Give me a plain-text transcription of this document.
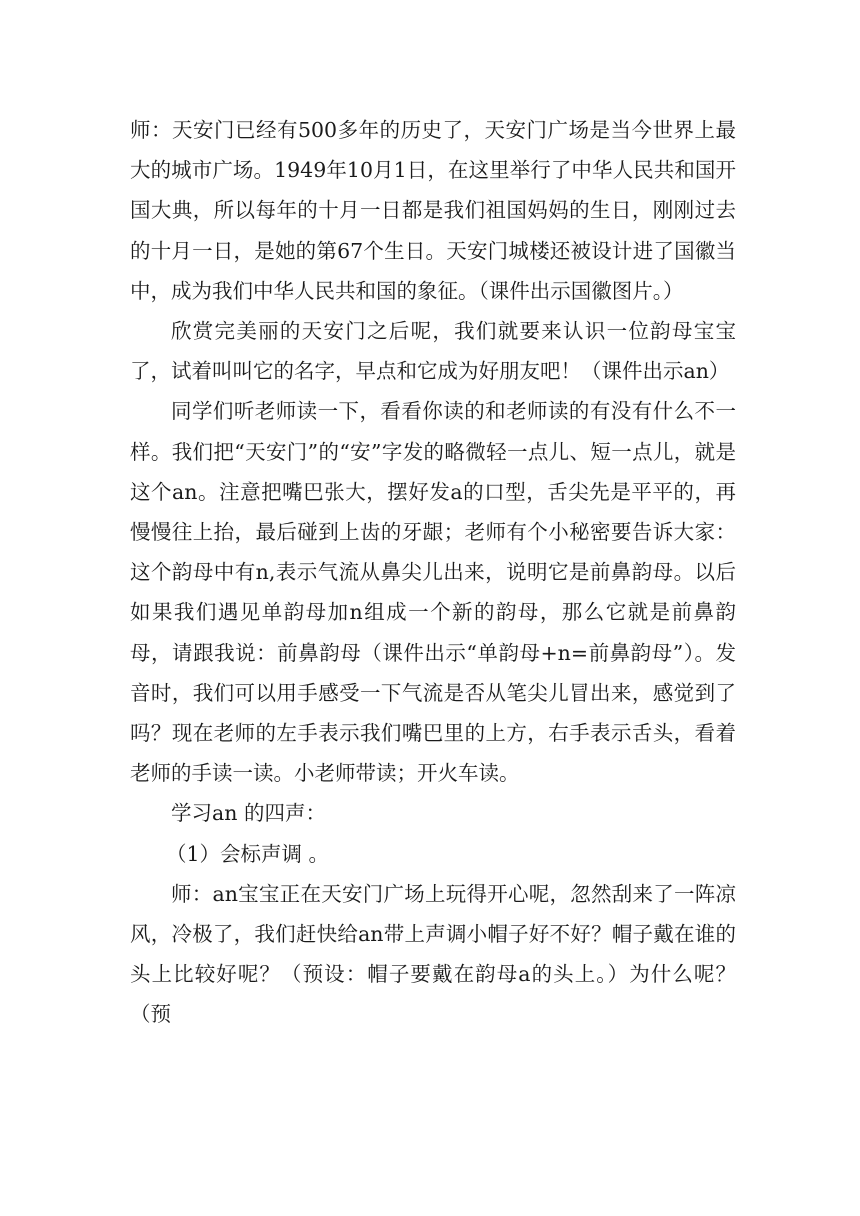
师：天安门已经有500多年的历史了，天安门广场是当今世界上最大的城市广场。1949年10月1日，在这里举行了中华人民共和国开国大典，所以每年的十月一日都是我们祖国妈妈的生日，刚刚过去的十月一日，是她的第67个生日。天安门城楼还被设计进了国徽当中，成为我们中华人民共和国的象征。（课件出示国徽图片。）

欣赏完美丽的天安门之后呢，我们就要来认识一位韵母宝宝了，试着叫叫它的名字，早点和它成为好朋友吧！（课件出示an）

同学们听老师读一下，看看你读的和老师读的有没有什么不一样。我们把“天安门”的“安”字发的略微轻一点儿、短一点儿，就是这个an。注意把嘴巴张大，摆好发a的口型，舌尖先是平平的，再慢慢往上抬，最后碰到上齿的牙龈；老师有个小秘密要告诉大家：这个韵母中有n,表示气流从鼻尖儿出来，说明它是前鼻韵母。以后如果我们遇见单韵母加n组成一个新的韵母，那么它就是前鼻韵母，请跟我说：前鼻韵母（课件出示“单韵母+n=前鼻韵母”）。发音时，我们可以用手感受一下气流是否从笔尖儿冒出来，感觉到了吗？现在老师的左手表示我们嘴巴里的上方，右手表示舌头，看着老师的手读一读。小老师带读；开火车读。

学习an 的四声：

（1）会标声调 。

师：an宝宝正在天安门广场上玩得开心呢，忽然刮来了一阵凉风，冷极了，我们赶快给an带上声调小帽子好不好？帽子戴在谁的头上比较好呢？（预设：帽子要戴在韵母a的头上。）为什么呢？（预
